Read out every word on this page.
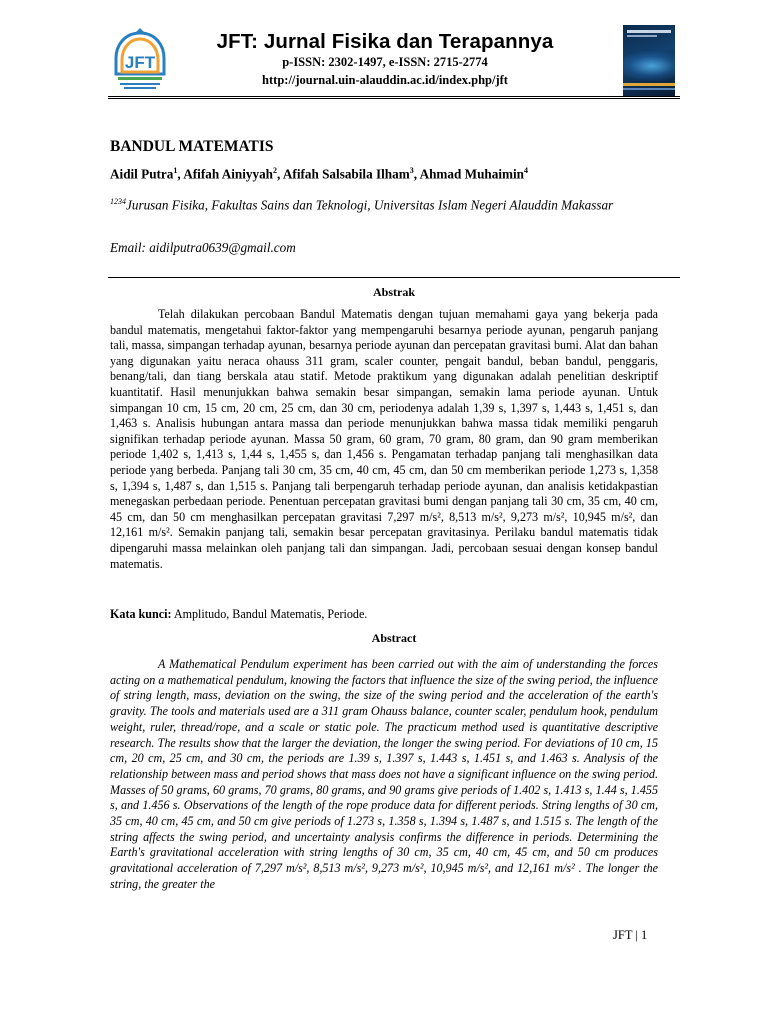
JFT
JFT: Jurnal Fisika dan Terapannya
p-ISSN: 2302-1497, e-ISSN: 2715-2774
http://journal.uin-alauddin.ac.id/index.php/jft
BANDUL MATEMATIS
Aidil Putra$^1$, Afifah Ainiyyah$^2$, Afifah Salsabila Ilham$^3$, Ahmad Muhaimin$^4$
$^{1234}$Jurusan Fisika, Fakultas Sains dan Teknologi, Universitas Islam Negeri Alauddin Makassar
Email: aidilputra0639@gmail.com
Abstrak

Telah dilakukan percobaan Bandul Matematis dengan tujuan memahami gaya yang bekerja pada bandul matematis, mengetahui faktor-faktor yang mempengaruhi besarnya periode ayunan, pengaruh panjang tali, massa, simpangan terhadap ayunan, besarnya periode ayunan dan percepatan gravitasi bumi. Alat dan bahan yang digunakan yaitu neraca ohauss 311 gram, scaler counter, pengait bandul, beban bandul, penggaris, benang/tali, dan tiang berskala atau statif. Metode praktikum yang digunakan adalah penelitian deskriptif kuantitatif. Hasil menunjukkan bahwa semakin besar simpangan, semakin lama periode ayunan. Untuk simpangan 10 cm, 15 cm, 20 cm, 25 cm, dan 30 cm, periodenya adalah 1,39 s, 1,397 s, 1,443 s, 1,451 s, dan 1,463 s. Analisis hubungan antara massa dan periode menunjukkan bahwa massa tidak memiliki pengaruh signifikan terhadap periode ayunan. Massa 50 gram, 60 gram, 70 gram, 80 gram, dan 90 gram memberikan periode 1,402 s, 1,413 s, 1,44 s, 1,455 s, dan 1,456 s. Pengamatan terhadap panjang tali menghasilkan data periode yang berbeda. Panjang tali 30 cm, 35 cm, 40 cm, 45 cm, dan 50 cm memberikan periode 1,273 s, 1,358 s, 1,394 s, 1,487 s, dan 1,515 s. Panjang tali berpengaruh terhadap periode ayunan, dan analisis ketidakpastian menegaskan perbedaan periode. Penentuan percepatan gravitasi bumi dengan panjang tali 30 cm, 35 cm, 40 cm, 45 cm, dan 50 cm menghasilkan percepatan gravitasi 7,297 m/s², 8,513 m/s², 9,273 m/s², 10,945 m/s², dan 12,161 m/s². Semakin panjang tali, semakin besar percepatan gravitasinya. Perilaku bandul matematis tidak dipengaruhi massa melainkan oleh panjang tali dan simpangan. Jadi, percobaan sesuai dengan konsep bandul matematis.

Kata kunci: Amplitudo, Bandul Matematis, Periode.
Abstract

A Mathematical Pendulum experiment has been carried out with the aim of understanding the forces acting on a mathematical pendulum, knowing the factors that influence the size of the swing period, the influence of string length, mass, deviation on the swing, the size of the swing period and the acceleration of the earth's gravity. The tools and materials used are a 311 gram Ohauss balance, counter scaler, pendulum hook, pendulum weight, ruler, thread/rope, and a scale or static pole. The practicum method used is quantitative descriptive research. The results show that the larger the deviation, the longer the swing period. For deviations of 10 cm, 15 cm, 20 cm, 25 cm, and 30 cm, the periods are 1.39 s, 1.397 s, 1.443 s, 1.451 s, and 1.463 s. Analysis of the relationship between mass and period shows that mass does not have a significant influence on the swing period. Masses of 50 grams, 60 grams, 70 grams, 80 grams, and 90 grams give periods of 1.402 s, 1.413 s, 1.44 s, 1.455 s, and 1.456 s. Observations of the length of the rope produce data for different periods. String lengths of 30 cm, 35 cm, 40 cm, 45 cm, and 50 cm give periods of 1.273 s, 1.358 s, 1.394 s, 1.487 s, and 1.515 s. The length of the string affects the swing period, and uncertainty analysis confirms the difference in periods. Determining the Earth's gravitational acceleration with string lengths of 30 cm, 35 cm, 40 cm, 45 cm, and 50 cm produces gravitational acceleration of 7,297 m/s², 8,513 m/s², 9,273 m/s², 10,945 m/s², and 12,161 m/s² . The longer the string, the greater the

JFT | 1
